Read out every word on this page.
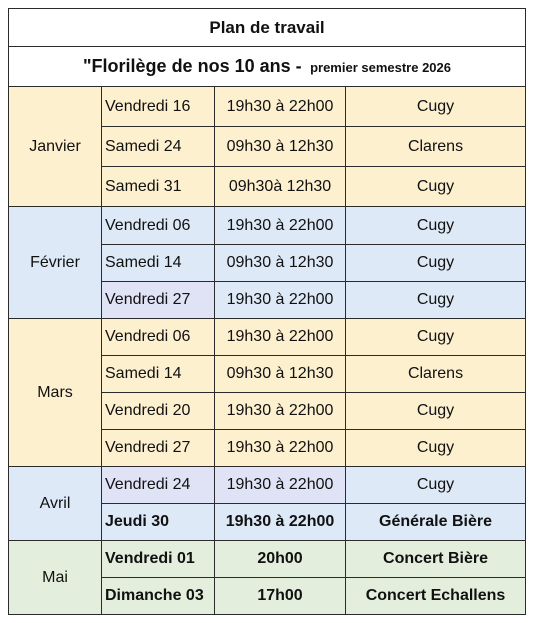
Plan de travail			
"Florilège de nos 10 ans - premier semestre 2026			
Janvier	Vendredi 16	19h30 à 22h00	Cugy
	Samedi 24	09h30 à 12h30	Clarens
	Samedi 31	09h30à 12h30	Cugy
Février	Vendredi 06	19h30 à 22h00	Cugy
	Samedi 14	09h30 à 12h30	Cugy
	Vendredi 27	19h30 à 22h00	Cugy
Mars	Vendredi 06	19h30 à 22h00	Cugy
	Samedi 14	09h30 à 12h30	Clarens
	Vendredi 20	19h30 à 22h00	Cugy
	Vendredi 27	19h30 à 22h00	Cugy
Avril	Vendredi 24	19h30 à 22h00	Cugy
	Jeudi 30	19h30 à 22h00	Générale Bière
Mai	Vendredi 01	20h00	Concert Bière
	Dimanche 03	17h00	Concert Echallens
